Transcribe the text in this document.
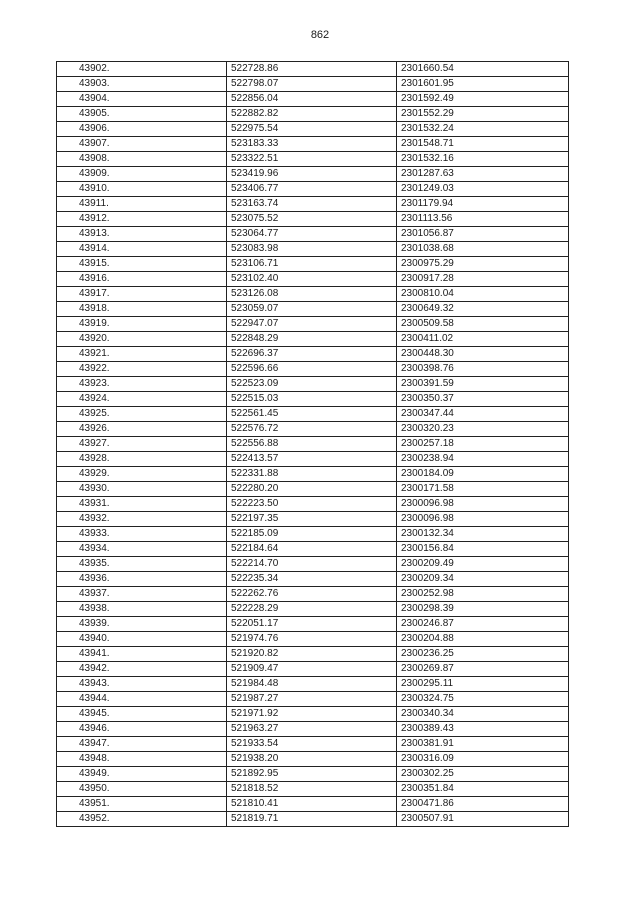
862
43902.	522728.86	2301660.54
43903.	522798.07	2301601.95
43904.	522856.04	2301592.49
43905.	522882.82	2301552.29
43906.	522975.54	2301532.24
43907.	523183.33	2301548.71
43908.	523322.51	2301532.16
43909.	523419.96	2301287.63
43910.	523406.77	2301249.03
43911.	523163.74	2301179.94
43912.	523075.52	2301113.56
43913.	523064.77	2301056.87
43914.	523083.98	2301038.68
43915.	523106.71	2300975.29
43916.	523102.40	2300917.28
43917.	523126.08	2300810.04
43918.	523059.07	2300649.32
43919.	522947.07	2300509.58
43920.	522848.29	2300411.02
43921.	522696.37	2300448.30
43922.	522596.66	2300398.76
43923.	522523.09	2300391.59
43924.	522515.03	2300350.37
43925.	522561.45	2300347.44
43926.	522576.72	2300320.23
43927.	522556.88	2300257.18
43928.	522413.57	2300238.94
43929.	522331.88	2300184.09
43930.	522280.20	2300171.58
43931.	522223.50	2300096.98
43932.	522197.35	2300096.98
43933.	522185.09	2300132.34
43934.	522184.64	2300156.84
43935.	522214.70	2300209.49
43936.	522235.34	2300209.34
43937.	522262.76	2300252.98
43938.	522228.29	2300298.39
43939.	522051.17	2300246.87
43940.	521974.76	2300204.88
43941.	521920.82	2300236.25
43942.	521909.47	2300269.87
43943.	521984.48	2300295.11
43944.	521987.27	2300324.75
43945.	521971.92	2300340.34
43946.	521963.27	2300389.43
43947.	521933.54	2300381.91
43948.	521938.20	2300316.09
43949.	521892.95	2300302.25
43950.	521818.52	2300351.84
43951.	521810.41	2300471.86
43952.	521819.71	2300507.91
